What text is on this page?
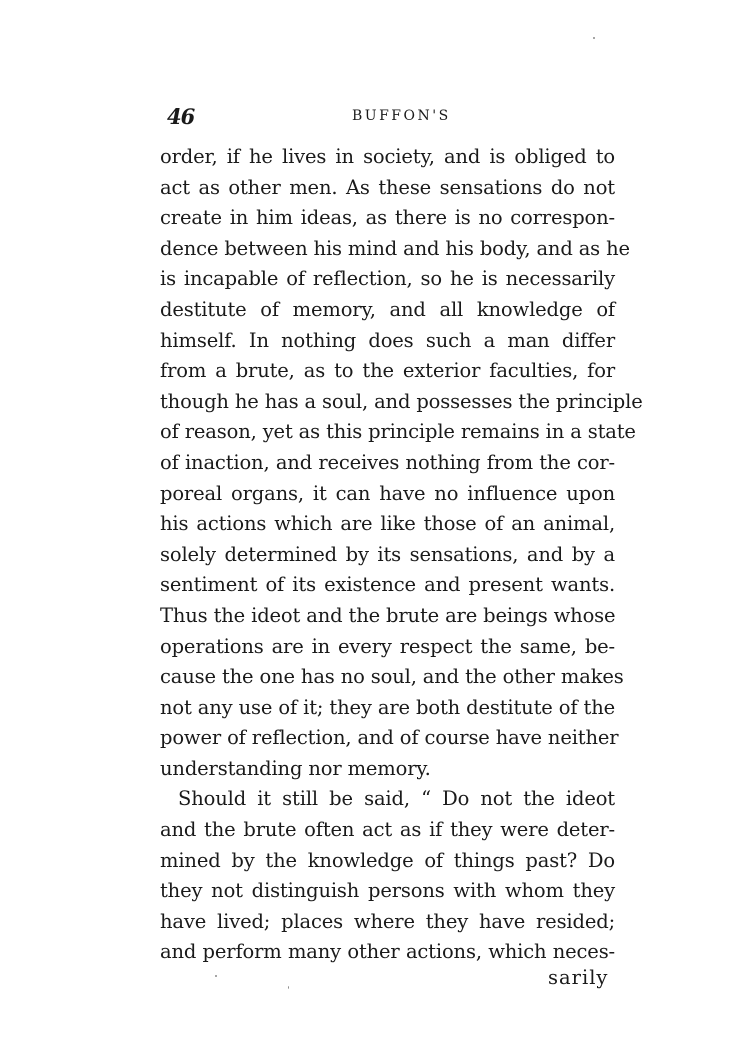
46	BUFFON'S
order, if he lives in society, and is obliged to
act as other men. As these sensations do not
create in him ideas, as there is no correspon-
dence between his mind and his body, and as he
is incapable of reflection, so he is necessarily
destitute of memory, and all knowledge of
himself. In nothing does such a man differ
from a brute, as to the exterior faculties, for
though he has a soul, and possesses the principle
of reason, yet as this principle remains in a state
of inaction, and receives nothing from the cor-
poreal organs, it can have no influence upon
his actions which are like those of an animal,
solely determined by its sensations, and by a
sentiment of its existence and present wants.
Thus the ideot and the brute are beings whose
operations are in every respect the same, be-
cause the one has no soul, and the other makes
not any use of it; they are both destitute of the
power of reflection, and of course have neither
understanding nor memory.
Should it still be said, “ Do not the ideot
and the brute often act as if they were deter-
mined by the knowledge of things past? Do
they not distinguish persons with whom they
have lived; places where they have resided;
and perform many other actions, which neces-
sarily
